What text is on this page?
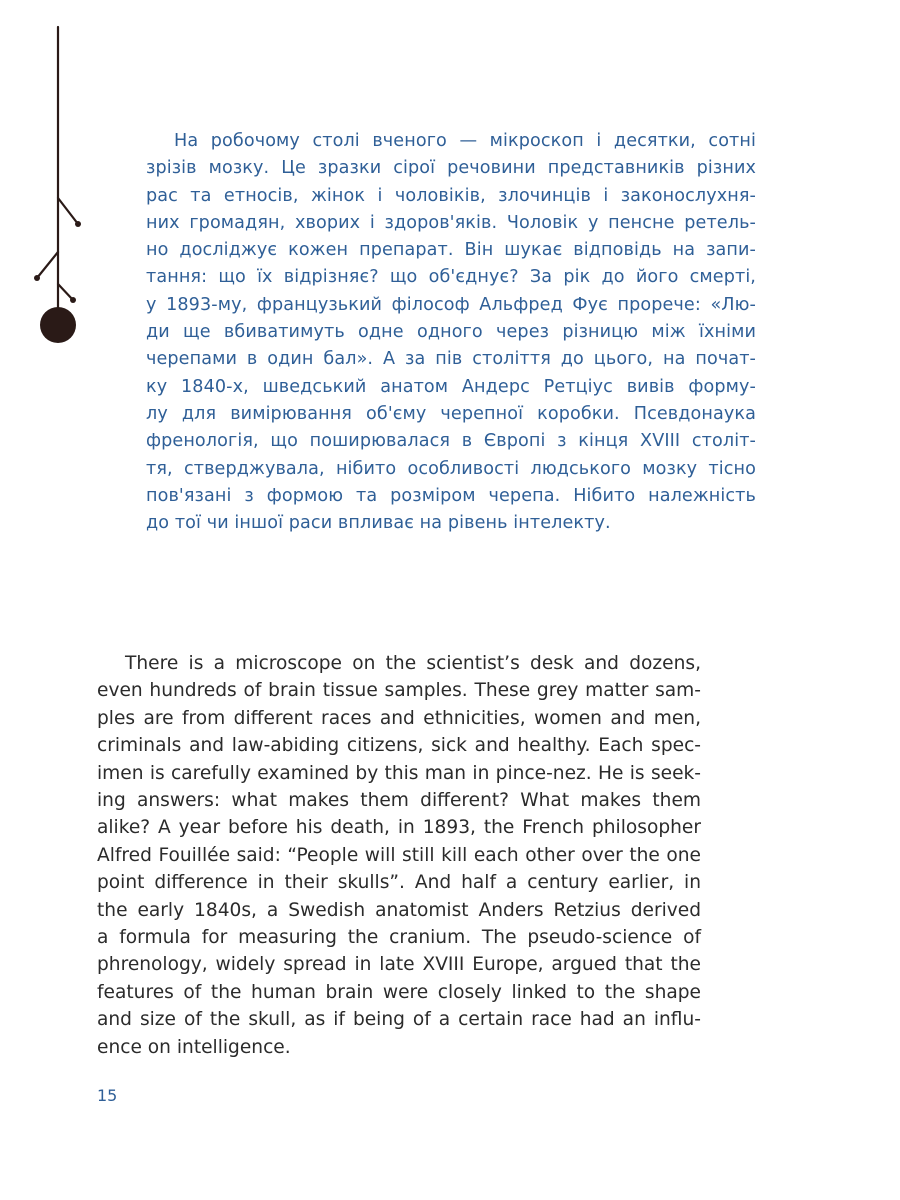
На робочому столі вченого — мікроскоп і десятки, сотні
зрізів мозку. Це зразки сірої речовини представників різних
рас та етносів, жінок і чоловіків, злочинців і законослухня-
них громадян, хворих і здоров'яків. Чоловік у пенсне ретель-
но досліджує кожен препарат. Він шукає відповідь на запи-
тання: що їх відрізняє? що об'єднує? За рік до його смерті,
у 1893-му, французький філософ Альфред Фує прорече: «Лю-
ди ще вбиватимуть одне одного через різницю між їхніми
черепами в один бал». А за пів століття до цього, на почат-
ку 1840-х, шведський анатом Андерс Ретціус вивів форму-
лу для вимірювання об'єму черепної коробки. Псевдонаука
френологія, що поширювалася в Європі з кінця XVIII століт-
тя, стверджувала, нібито особливості людського мозку тісно
пов'язані з формою та розміром черепа. Нібито належність
до тої чи іншої раси впливає на рівень інтелекту.
There is a microscope on the scientist’s desk and dozens,
even hundreds of brain tissue samples. These grey matter sam-
ples are from different races and ethnicities, women and men,
criminals and law-abiding citizens, sick and healthy. Each spec-
imen is carefully examined by this man in pince-nez. He is seek-
ing answers: what makes them different? What makes them
alike? A year before his death, in 1893, the French philosopher
Alfred Fouillée said: “People will still kill each other over the one
point difference in their skulls”. And half a century earlier, in
the early 1840s, a Swedish anatomist Anders Retzius derived
a formula for measuring the cranium. The pseudo-science of
phrenology, widely spread in late XVIII Europe, argued that the
features of the human brain were closely linked to the shape
and size of the skull, as if being of a certain race had an influ-
ence on intelligence.
15
